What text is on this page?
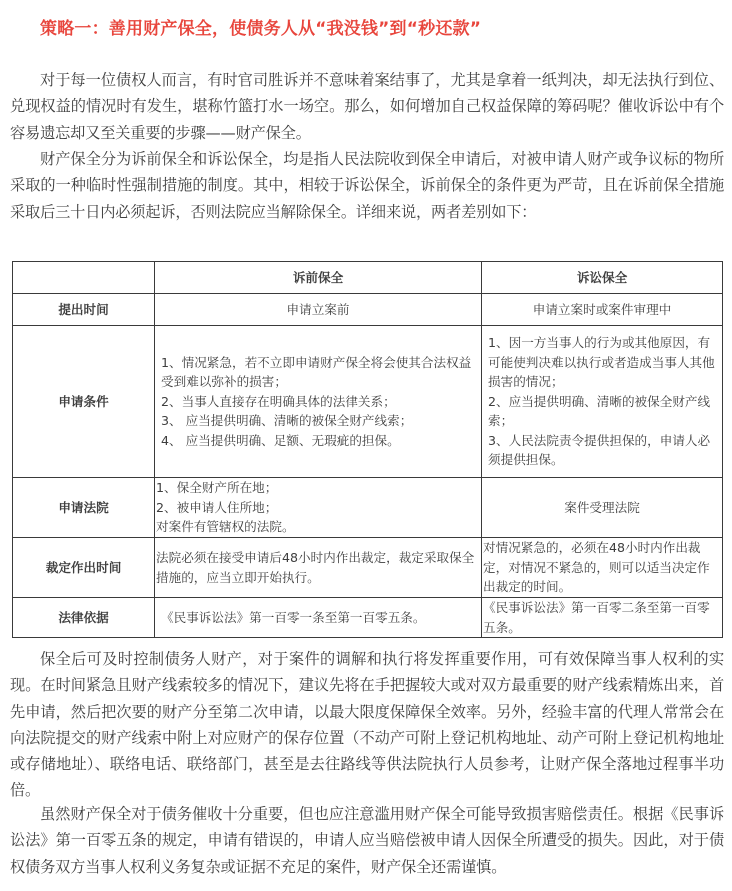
策略一：善用财产保全，使债务人从“我没钱”到“秒还款”

对于每一位债权人而言，有时官司胜诉并不意味着案结事了，尤其是拿着一纸判决，却无法执行到位、兑现权益的情况时有发生，堪称竹篮打水一场空。那么，如何增加自己权益保障的筹码呢？催收诉讼中有个容易遗忘却又至关重要的步骤——财产保全。

财产保全分为诉前保全和诉讼保全，均是指人民法院收到保全申请后，对被申请人财产或争议标的物所采取的一种临时性强制措施的制度。其中，相较于诉讼保全，诉前保全的条件更为严苛，且在诉前保全措施采取后三十日内必须起诉，否则法院应当解除保全。详细来说，两者差别如下：

	诉前保全	诉讼保全
提出时间	申请立案前	申请立案时或案件审理中

申请条件	1、情况紧急，若不立即申请财产保全将会使其合法权益受到难以弥补的损害；
2、当事人直接存在明确具体的法律关系；
3、 应当提供明确、清晰的被保全财产线索；
4、 应当提供明确、足额、无瑕疵的担保。	1、因一方当事人的行为或其他原因，有可能使判决难以执行或者造成当事人其他损害的情况；
2、应当提供明确、清晰的被保全财产线索；
3、人民法院责令提供担保的，申请人必须提供担保。

申请法院	1、保全财产所在地；
2、被申请人住所地；
对案件有管辖权的法院。	案件受理法院

裁定作出时间	法院必须在接受申请后48小时内作出裁定，裁定采取保全措施的，应当立即开始执行。	对情况紧急的，必须在48小时内作出裁定，对情况不紧急的，则可以适当决定作出裁定的时间。

法律依据	《民事诉讼法》第一百零一条至第一百零五条。	《民事诉讼法》第一百零二条至第一百零五条。

保全后可及时控制债务人财产，对于案件的调解和执行将发挥重要作用，可有效保障当事人权利的实现。在时间紧急且财产线索较多的情况下，建议先将在手把握较大或对双方最重要的财产线索精炼出来，首先申请，然后把次要的财产分至第二次申请，以最大限度保障保全效率。另外，经验丰富的代理人常常会在向法院提交的财产线索中附上对应财产的保存位置（不动产可附上登记机构地址、动产可附上登记机构地址或存储地址）、联络电话、联络部门，甚至是去往路线等供法院执行人员参考，让财产保全落地过程事半功倍。

虽然财产保全对于债务催收十分重要，但也应注意滥用财产保全可能导致损害赔偿责任。根据《民事诉讼法》第一百零五条的规定，申请有错误的，申请人应当赔偿被申请人因保全所遭受的损失。因此，对于债权债务双方当事人权利义务复杂或证据不充足的案件，财产保全还需谨慎。
